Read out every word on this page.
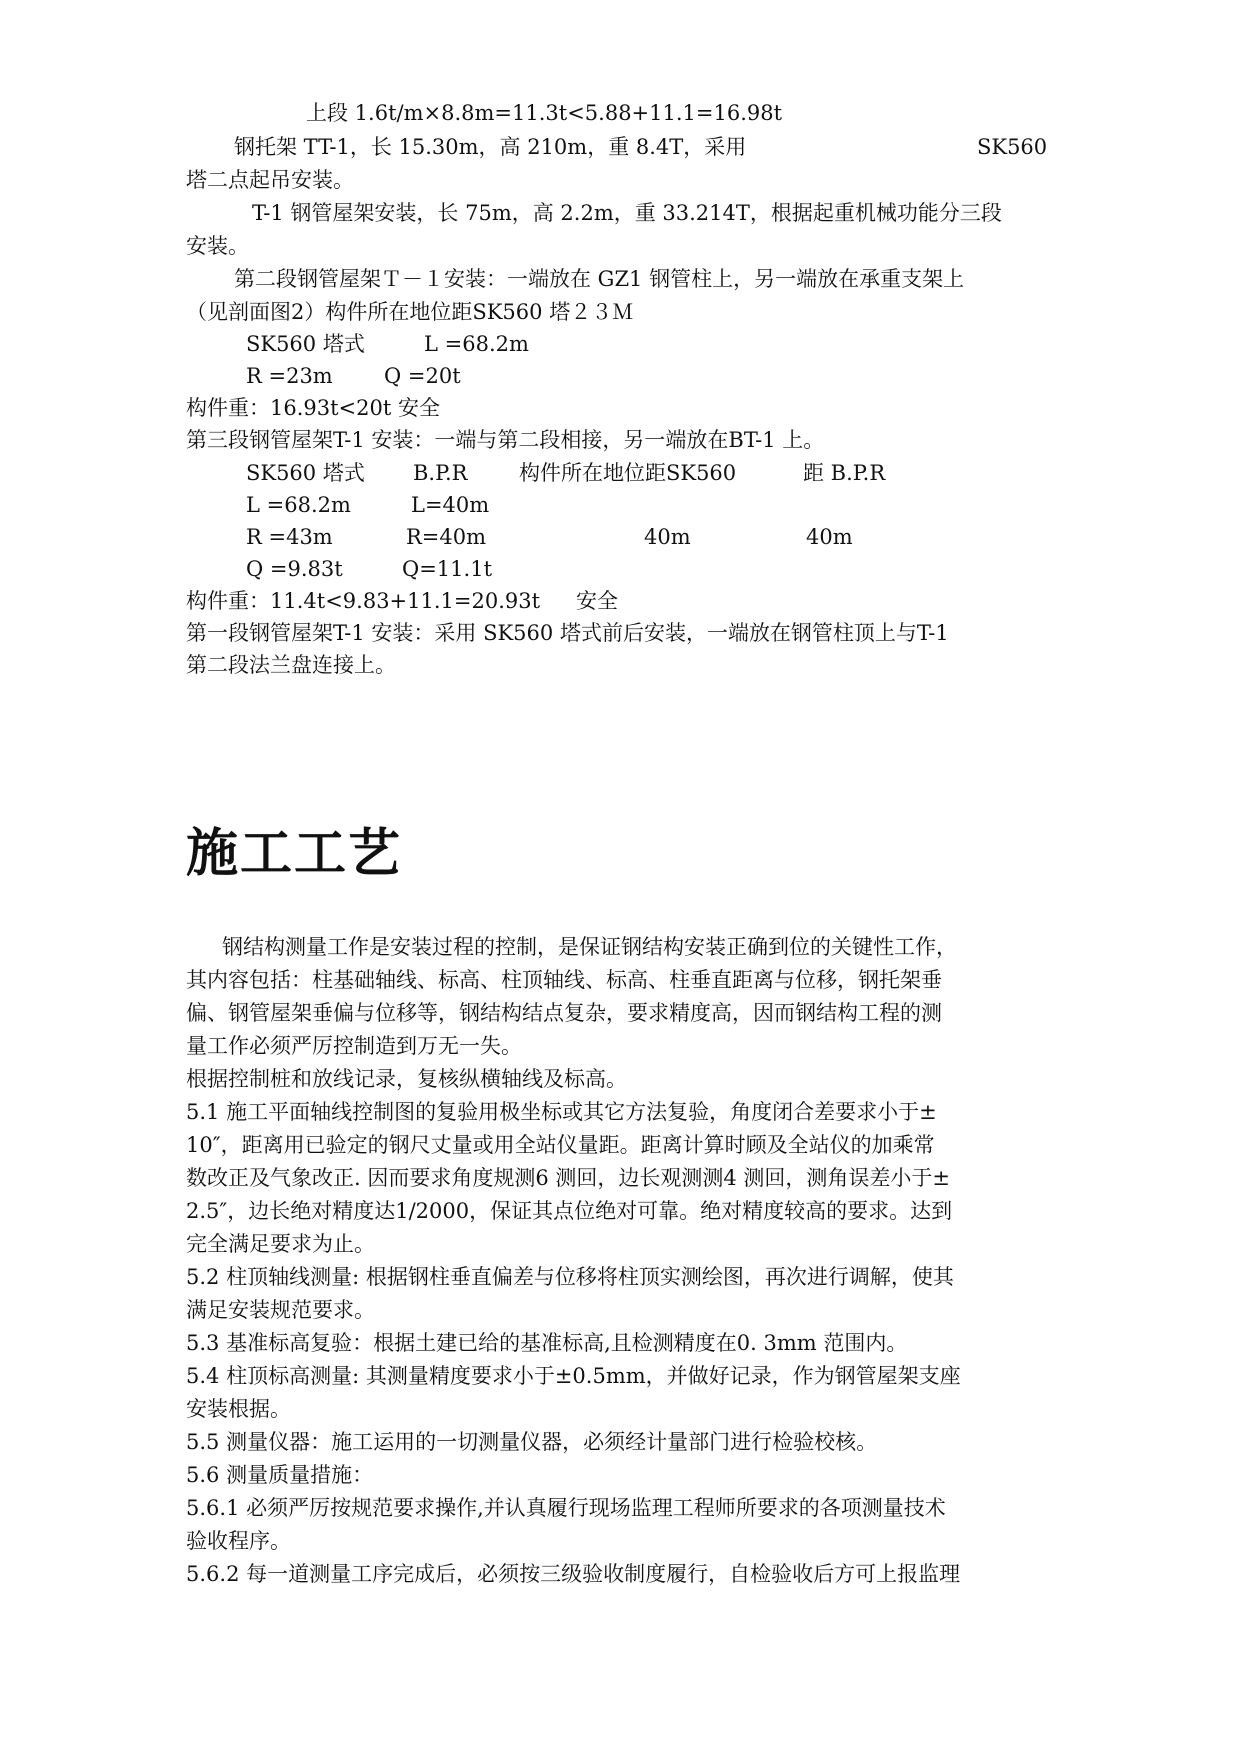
上段 1.6t/m×8.8m=11.3t<5.88+11.1=16.98t
钢托架 TT-1，长 15.30m，高 210m，重 8.4T，采用	SK560
塔二点起吊安装。
T-1 钢管屋架安装，长 75m，高 2.2m，重 33.214T，根据起重机械功能分三段
安装。
第二段钢管屋架Ｔ－１安装：一端放在 GZ1 钢管柱上，另一端放在承重支架上
（见剖面图2）构件所在地位距SK560 塔２３Ｍ
SK560 塔式	L =68.2m
R =23m Q =20t
构件重：16.93t<20t 安全
第三段钢管屋架T-1 安装：一端与第二段相接，另一端放在BT-1 上。
SK560 塔式 B.P.R 构件所在地位距SK560	距 B.P.R
L =68.2m	L=40m
R =43m	R=40m	40m	40m
Q =9.83t	Q=11.1t
构件重：11.4t<9.83+11.1=20.93t 安全
第一段钢管屋架T-1 安装：采用 SK560 塔式前后安装，一端放在钢管柱顶上与T-1
第二段法兰盘连接上。
施工工艺
钢结构测量工作是安装过程的控制，是保证钢结构安装正确到位的关键性工作，
其内容包括：柱基础轴线、标高、柱顶轴线、标高、柱垂直距离与位移，钢托架垂
偏、钢管屋架垂偏与位移等，钢结构结点复杂，要求精度高，因而钢结构工程的测
量工作必须严厉控制造到万无一失。
根据控制桩和放线记录，复核纵横轴线及标高。
5.1 施工平面轴线控制图的复验用极坐标或其它方法复验，角度闭合差要求小于±
10″，距离用已验定的钢尺丈量或用全站仪量距。距离计算时顾及全站仪的加乘常
数改正及气象改正. 因而要求角度规测6 测回，边长观测测4 测回，测角误差小于±
2.5″，边长绝对精度达1/2000，保证其点位绝对可靠。绝对精度较高的要求。达到
完全满足要求为止。
5.2 柱顶轴线测量: 根据钢柱垂直偏差与位移将柱顶实测绘图，再次进行调解，使其
满足安装规范要求。
5.3 基准标高复验：根据土建已给的基准标高,且检测精度在0. 3mm 范围内。
5.4 柱顶标高测量: 其测量精度要求小于±0.5mm，并做好记录，作为钢管屋架支座
安装根据。
5.5 测量仪器：施工运用的一切测量仪器，必须经计量部门进行检验校核。
5.6 测量质量措施：
5.6.1 必须严厉按规范要求操作,并认真履行现场监理工程师所要求的各项测量技术
验收程序。
5.6.2 每一道测量工序完成后，必须按三级验收制度履行，自检验收后方可上报监理
